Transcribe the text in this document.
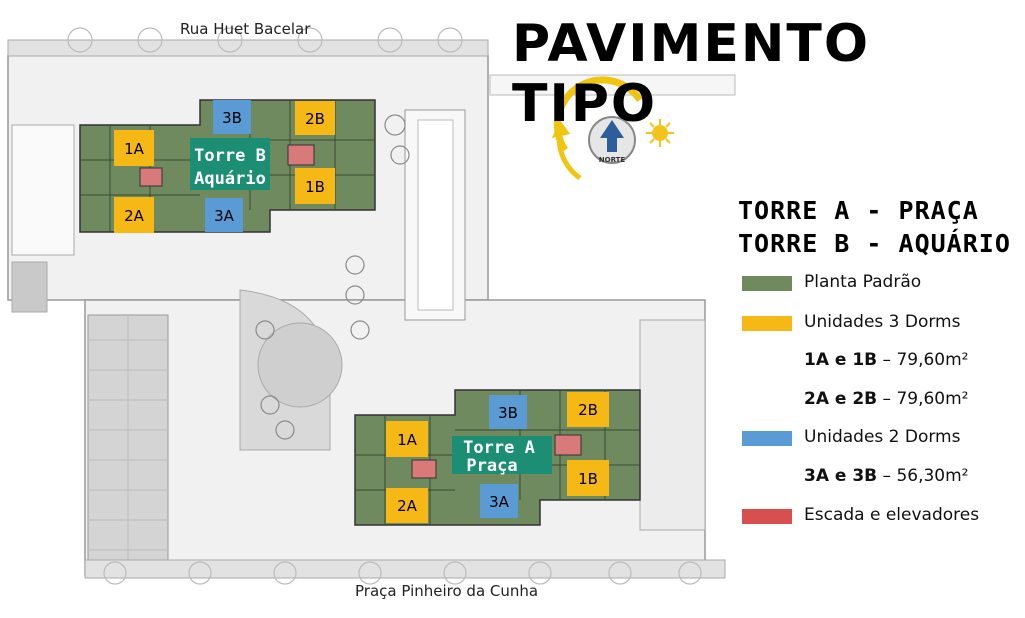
1A
2A	3A
3B	2B
1B
1A
2A	3A
3B	2B
1B
Torre B
Aquário
Torre A
Praça
NORTE
Rua Huet Bacelar
Praça Pinheiro da Cunha
PAVIMENTO TIPO
TORRE A - PRAÇA
TORRE B - AQUÁRIO
Planta Padrão
Unidades 3 Dorms
1A e 1B – 79,60m²
2A e 2B – 79,60m²
Unidades 2 Dorms
3A e 3B – 56,30m²
Escada e elevadores
